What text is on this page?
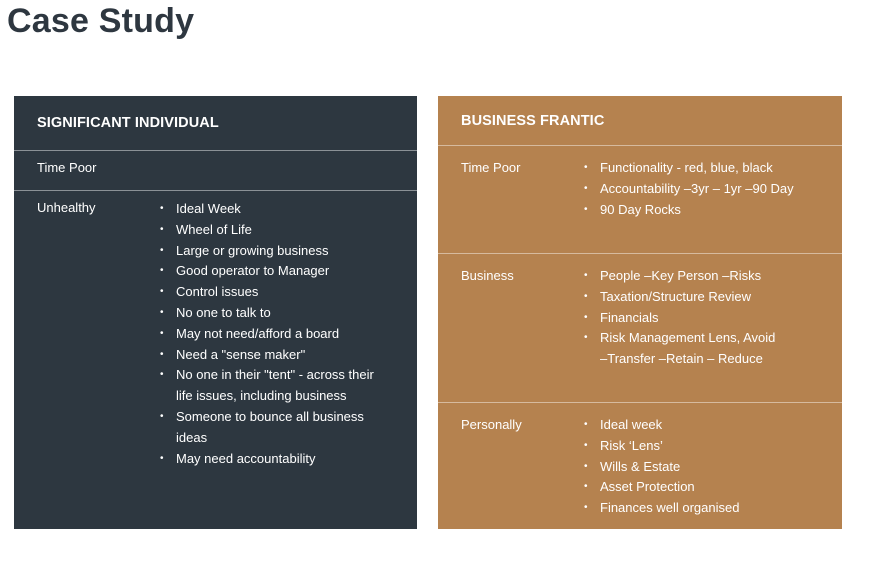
Case Study
SIGNIFICANT INDIVIDUAL
Time Poor
Unhealthy	• Ideal Week
• Wheel of Life
• Large or growing business
• Good operator to Manager
• Control issues
• No one to talk to
• May not need/afford a board
• Need a "sense maker"
• No one in their "tent" - across their life issues, including business
• Someone to bounce all business ideas
• May need accountability
BUSINESS FRANTIC
Time Poor	• Functionality - red, blue, black
• Accountability –3yr – 1yr –90 Day
• 90 Day Rocks
Business	• People –Key Person –Risks
• Taxation/Structure Review
• Financials
• Risk Management Lens, Avoid –Transfer –Retain – Reduce
Personally	• Ideal week
• Risk ‘Lens’
• Wills & Estate
• Asset Protection
• Finances well organised
